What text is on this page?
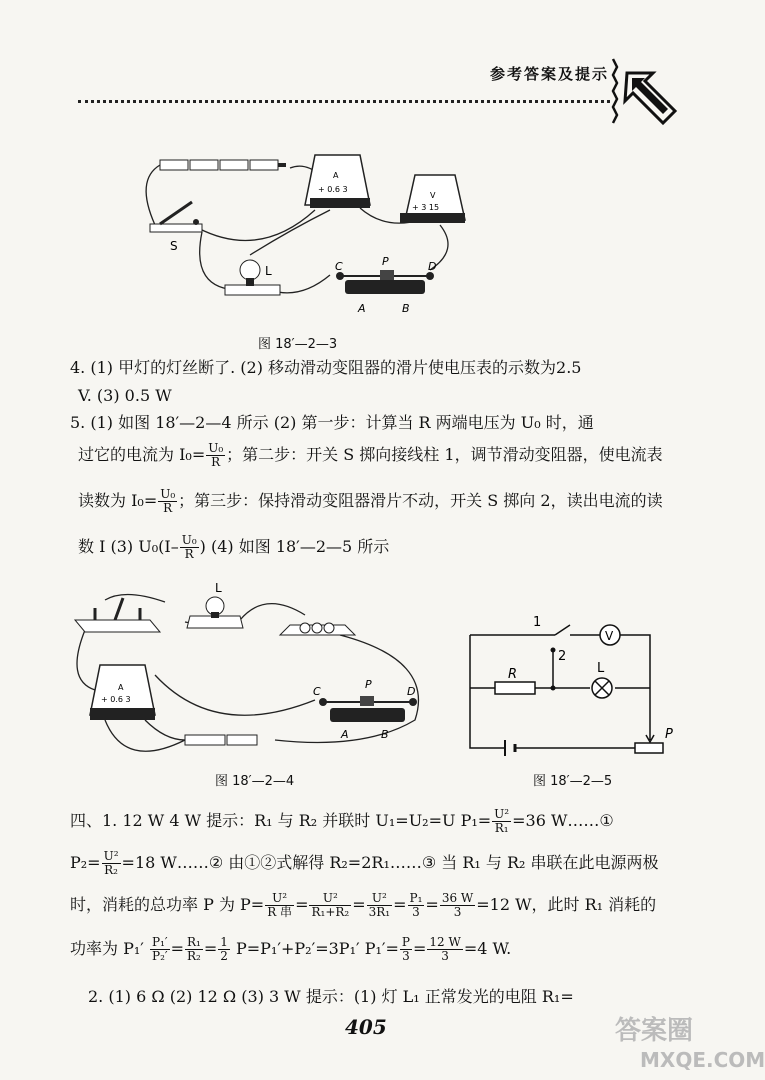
参考答案及提示
S
A
+ 0.6 3
V
+ 3 15
L	C	P	D
A	B
图 18′—2—3
4. (1) 甲灯的灯丝断了. (2) 移动滑动变阻器的滑片使电压表的示数为2.5
V. (3) 0.5 W
5. (1) 如图 18′—2—4 所示 (2) 第一步：计算当 R 两端电压为 U₀ 时，通
过它的电流为 $I_0= \frac{\text{U₀}}{R}$ ；第二步：开关 S 掷向接线柱 1，调节滑动变阻器，使电流表
读数为 $I_0= \frac{\text{U₀}}{R}$ ；第三步：保持滑动变阻器滑片不动，开关 S 掷向 2，读出电流的读
数 I (3) $U_0(I- \frac{\text{U₀}}{R}$ ) (4) 如图 18′—2—5 所示
L
A
+ 0.6 3
C
P
D
A	B
图 18′—2—4
V
1
2
R	L
P
图 18′—2—5
四、1. 12 W 4 W 提示：R₁ 与 R₂ 并联时 U₁=U₂=U $P_1= \frac{\text{U²}}{\text{R₁}} =36$ W……①
$P_2= \frac{\text{U²}}{\text{R₂}} =18$ W……② 由①②式解得 R₂=2R₁……③ 当 R₁ 与 R₂ 串联在此电源两极
时，消耗的总功率 P 为 $P= \frac{\text{U²}}{\text{R 串}} = \frac{\text{U²}}{\text{R₁+R₂}} = \frac{\text{U²}}{\text{3R₁}} = \frac{\text{P₁}}{3} = \frac{36 W}{3} =12$ W，此时 R₁ 消耗的
功率为 $P_1' \frac{\text{P₁′}}{\text{P₂′}} = \frac{\text{R₁}}{\text{R₂}} = \frac{1}{2} P=P_1'+P_2'=3P_1'$ $P_1'= \frac{P}{3} = \frac{12 W}{3} =4$ W.
2. (1) 6 Ω (2) 12 Ω (3) 3 W 提示：(1) 灯 L₁ 正常发光的电阻 R₁=
405	答案圈
MXQE.COM
